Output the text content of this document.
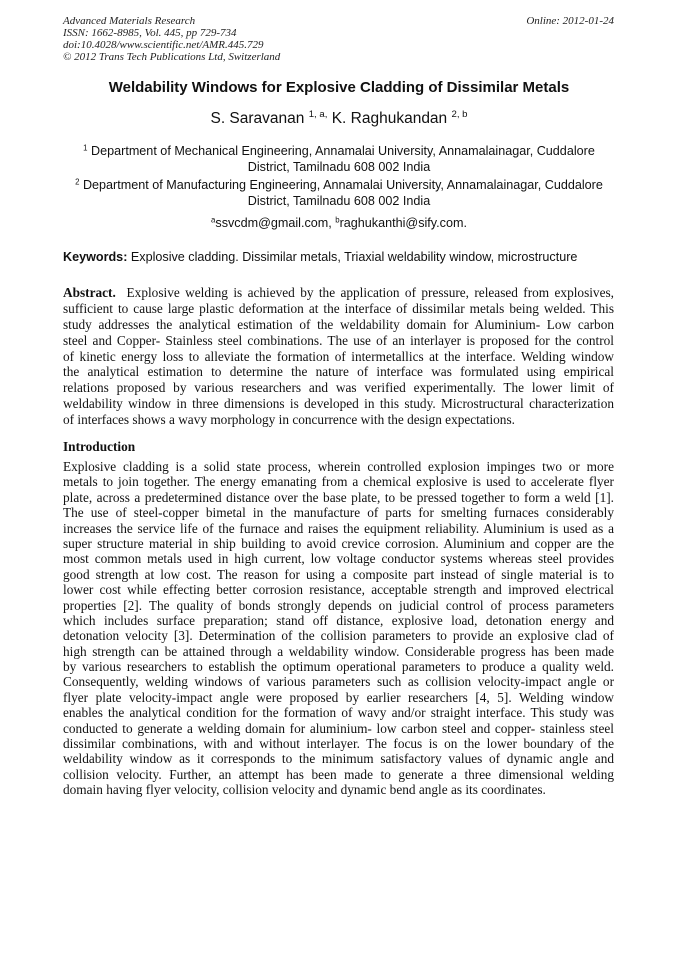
Advanced Materials Research
ISSN: 1662-8985, Vol. 445, pp 729-734
doi:10.4028/www.scientific.net/AMR.445.729
© 2012 Trans Tech Publications Ltd, Switzerland
Online: 2012-01-24
Weldability Windows for Explosive Cladding of Dissimilar Metals
S. Saravanan $^{1, a,}$ K. Raghukandan $^{2, b}$
$^1$ Department of Mechanical Engineering, Annamalai University, Annamalainagar, Cuddalore
District, Tamilnadu 608 002 India
$^2$ Department of Manufacturing Engineering, Annamalai University, Annamalainagar, Cuddalore
District, Tamilnadu 608 002 India
$^a$ssvcdm@gmail.com, $^b$raghukanthi@sify.com.
Keywords: Explosive cladding. Dissimilar metals, Triaxial weldability window, microstructure
Abstract.  Explosive welding is achieved by the application of pressure, released from explosives,
sufficient to cause large plastic deformation at the interface of dissimilar metals being welded. This
study addresses the analytical estimation of the weldability domain for Aluminium- Low carbon
steel and Copper- Stainless steel combinations. The use of an interlayer is proposed for the control
of kinetic energy loss to alleviate the formation of intermetallics at the interface. Welding window
the analytical estimation to determine the nature of interface was formulated using empirical
relations proposed by various researchers and was verified experimentally. The lower limit of
weldability window in three dimensions is developed in this study. Microstructural characterization
of interfaces shows a wavy morphology in concurrence with the design expectations.
Introduction
Explosive cladding is a solid state process, wherein controlled explosion impinges two or more
metals to join together. The energy emanating from a chemical explosive is used to accelerate flyer
plate, across a predetermined distance over the base plate, to be pressed together to form a weld [1].
The use of steel-copper bimetal in the manufacture of parts for smelting furnaces considerably
increases the service life of the furnace and raises the equipment reliability. Aluminium is used as a
super structure material in ship building to avoid crevice corrosion. Aluminium and copper are the
most common metals used in high current, low voltage conductor systems whereas steel provides
good strength at low cost. The reason for using a composite part instead of single material is to
lower cost while effecting better corrosion resistance, acceptable strength and improved electrical
properties [2]. The quality of bonds strongly depends on judicial control of process parameters
which includes surface preparation; stand off distance, explosive load, detonation energy and
detonation velocity [3]. Determination of the collision parameters to provide an explosive clad of
high strength can be attained through a weldability window. Considerable progress has been made
by various researchers to establish the optimum operational parameters to produce a quality weld.
Consequently, welding windows of various parameters such as collision velocity-impact angle or
flyer plate velocity-impact angle were proposed by earlier researchers [4, 5]. Welding window
enables the analytical condition for the formation of wavy and/or straight interface. This study was
conducted to generate a welding domain for aluminium- low carbon steel and copper- stainless steel
dissimilar combinations, with and without interlayer. The focus is on the lower boundary of the
weldability window as it corresponds to the minimum satisfactory values of dynamic angle and
collision velocity. Further, an attempt has been made to generate a three dimensional welding
domain having flyer velocity, collision velocity and dynamic bend angle as its coordinates.
